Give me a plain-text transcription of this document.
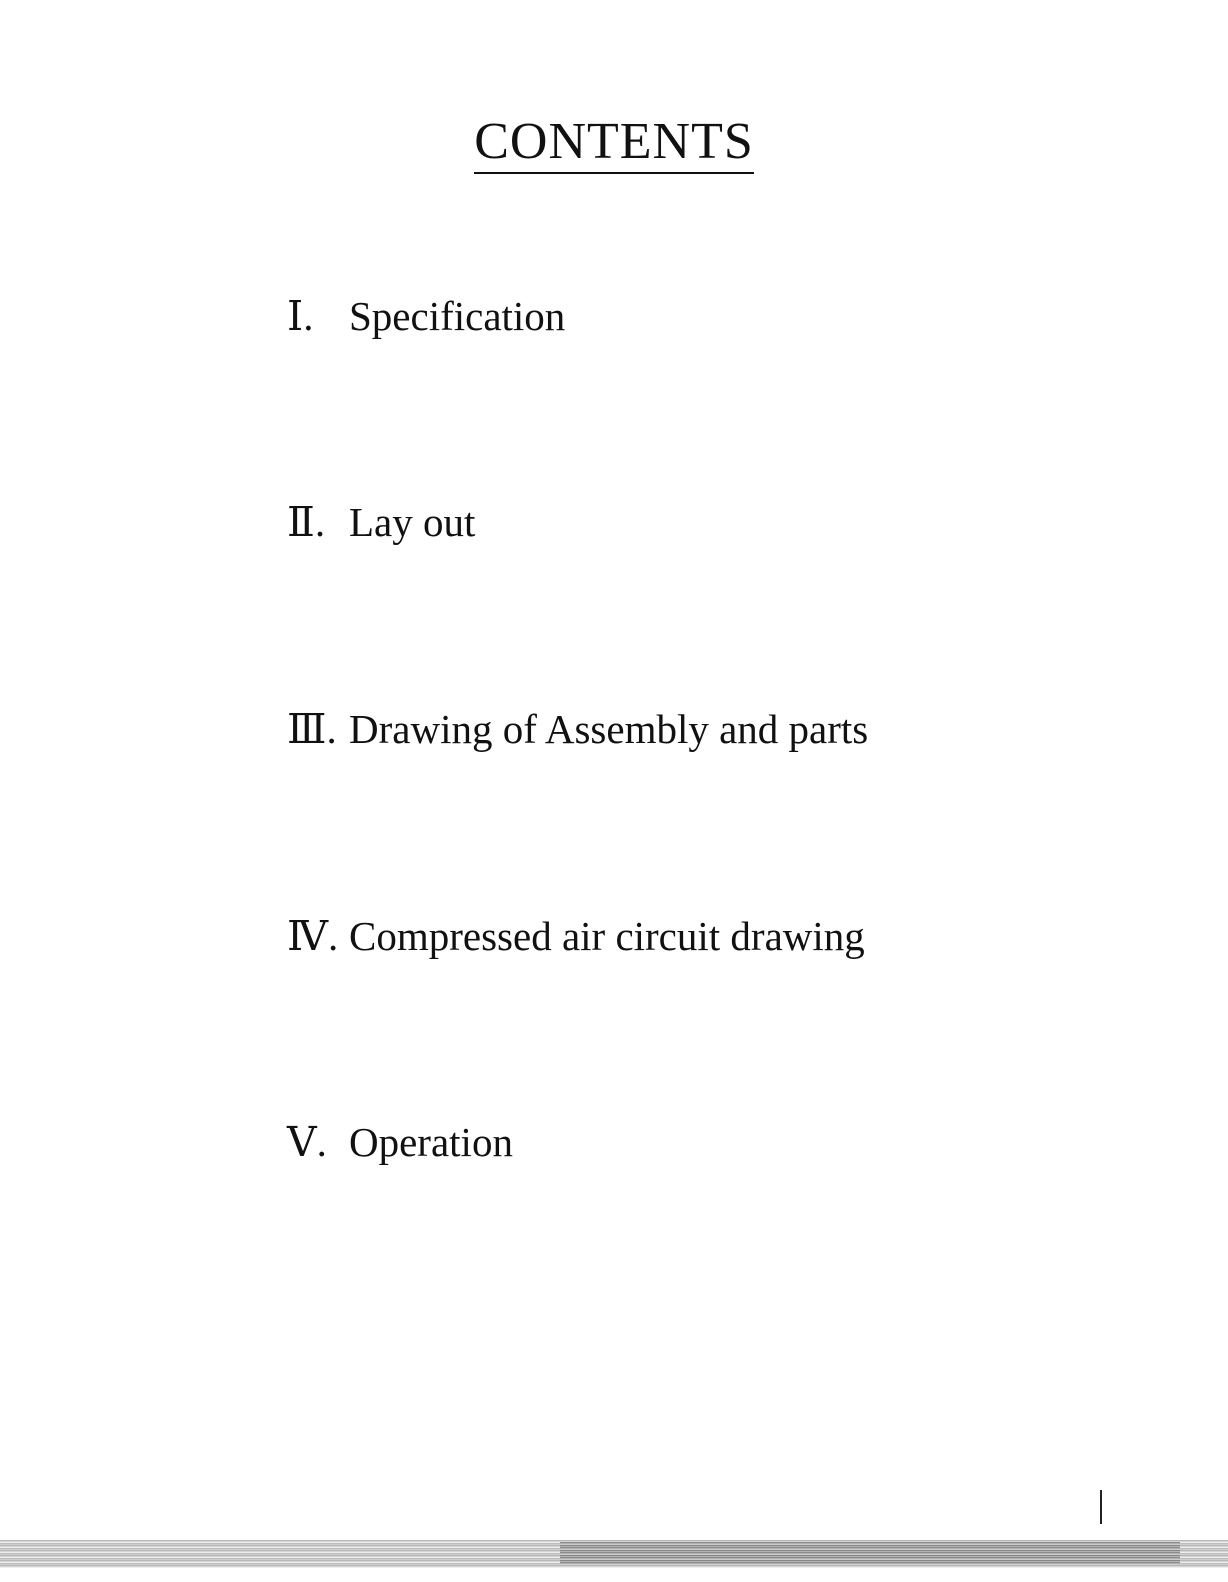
CONTENTS
Ⅰ. Specification
Ⅱ. Lay out
Ⅲ. Drawing of Assembly and parts
Ⅳ. Compressed air circuit drawing
Ⅴ. Operation
